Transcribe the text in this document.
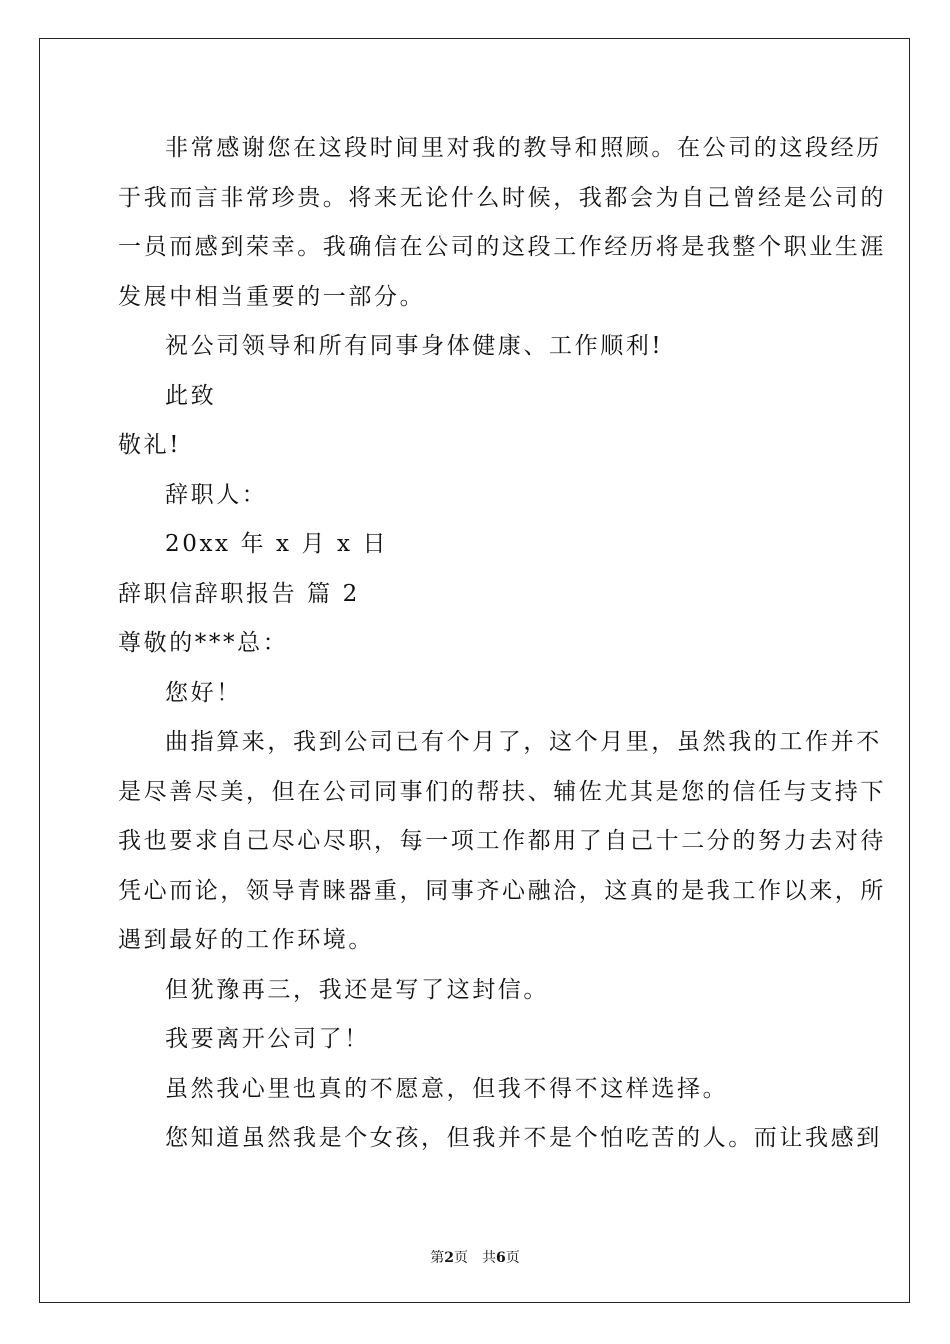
非常感谢您在这段时间里对我的教导和照顾。在公司的这段经历
于我而言非常珍贵。将来无论什么时候，我都会为自己曾经是公司的
一员而感到荣幸。我确信在公司的这段工作经历将是我整个职业生涯
发展中相当重要的一部分。
祝公司领导和所有同事身体健康、工作顺利!
此致
敬礼!
辞职人：
20xx 年 x 月 x 日
辞职信辞职报告 篇 2
尊敬的***总：
您好！
曲指算来，我到公司已有个月了，这个月里，虽然我的工作并不
是尽善尽美，但在公司同事们的帮扶、辅佐尤其是您的信任与支持下
我也要求自己尽心尽职，每一项工作都用了自己十二分的努力去对待
凭心而论，领导青睐器重，同事齐心融洽，这真的是我工作以来，所
遇到最好的工作环境。
但犹豫再三，我还是写了这封信。
我要离开公司了！
虽然我心里也真的不愿意，但我不得不这样选择。
您知道虽然我是个女孩，但我并不是个怕吃苦的人。而让我感到
第2页 共6页
